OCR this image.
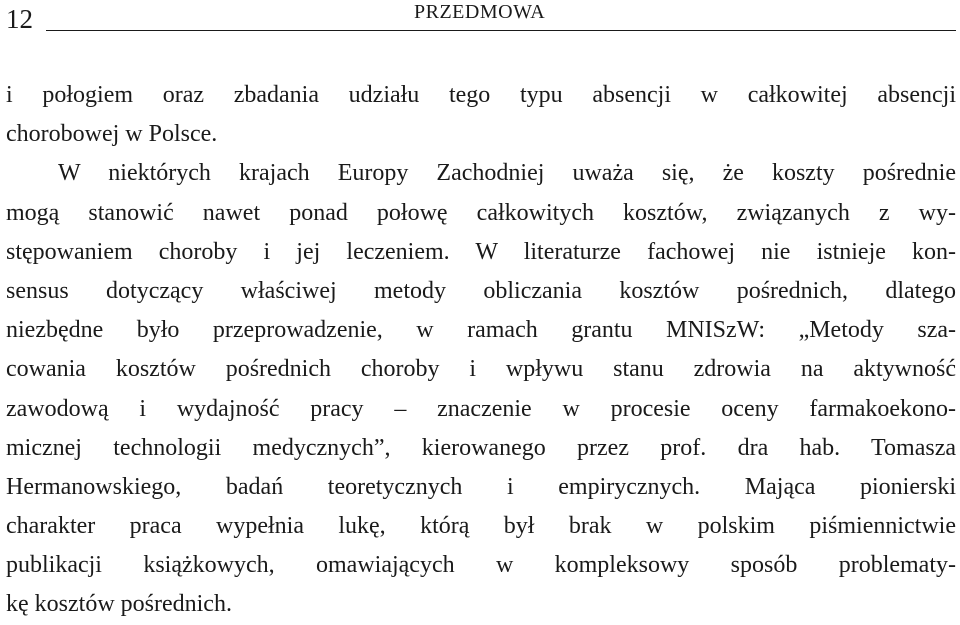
12	PRZEDMOWA
i połogiem oraz zbadania udziału tego typu absencji w całkowitej absencji
chorobowej w Polsce.
W niektórych krajach Europy Zachodniej uważa się, że koszty pośrednie
mogą stanowić nawet ponad połowę całkowitych kosztów, związanych z wy-
stępowaniem choroby i jej leczeniem. W literaturze fachowej nie istnieje kon-
sensus dotyczący właściwej metody obliczania kosztów pośrednich, dlatego
niezbędne było przeprowadzenie, w ramach grantu MNISzW: „Metody sza-
cowania kosztów pośrednich choroby i wpływu stanu zdrowia na aktywność
zawodową i wydajność pracy – znaczenie w procesie oceny farmakoekono-
micznej technologii medycznych”, kierowanego przez prof. dra hab. Tomasza
Hermanowskiego, badań teoretycznych i empirycznych. Mająca pionierski
charakter praca wypełnia lukę, którą był brak w polskim piśmiennictwie
publikacji książkowych, omawiających w kompleksowy sposób problematy-
kę kosztów pośrednich.
